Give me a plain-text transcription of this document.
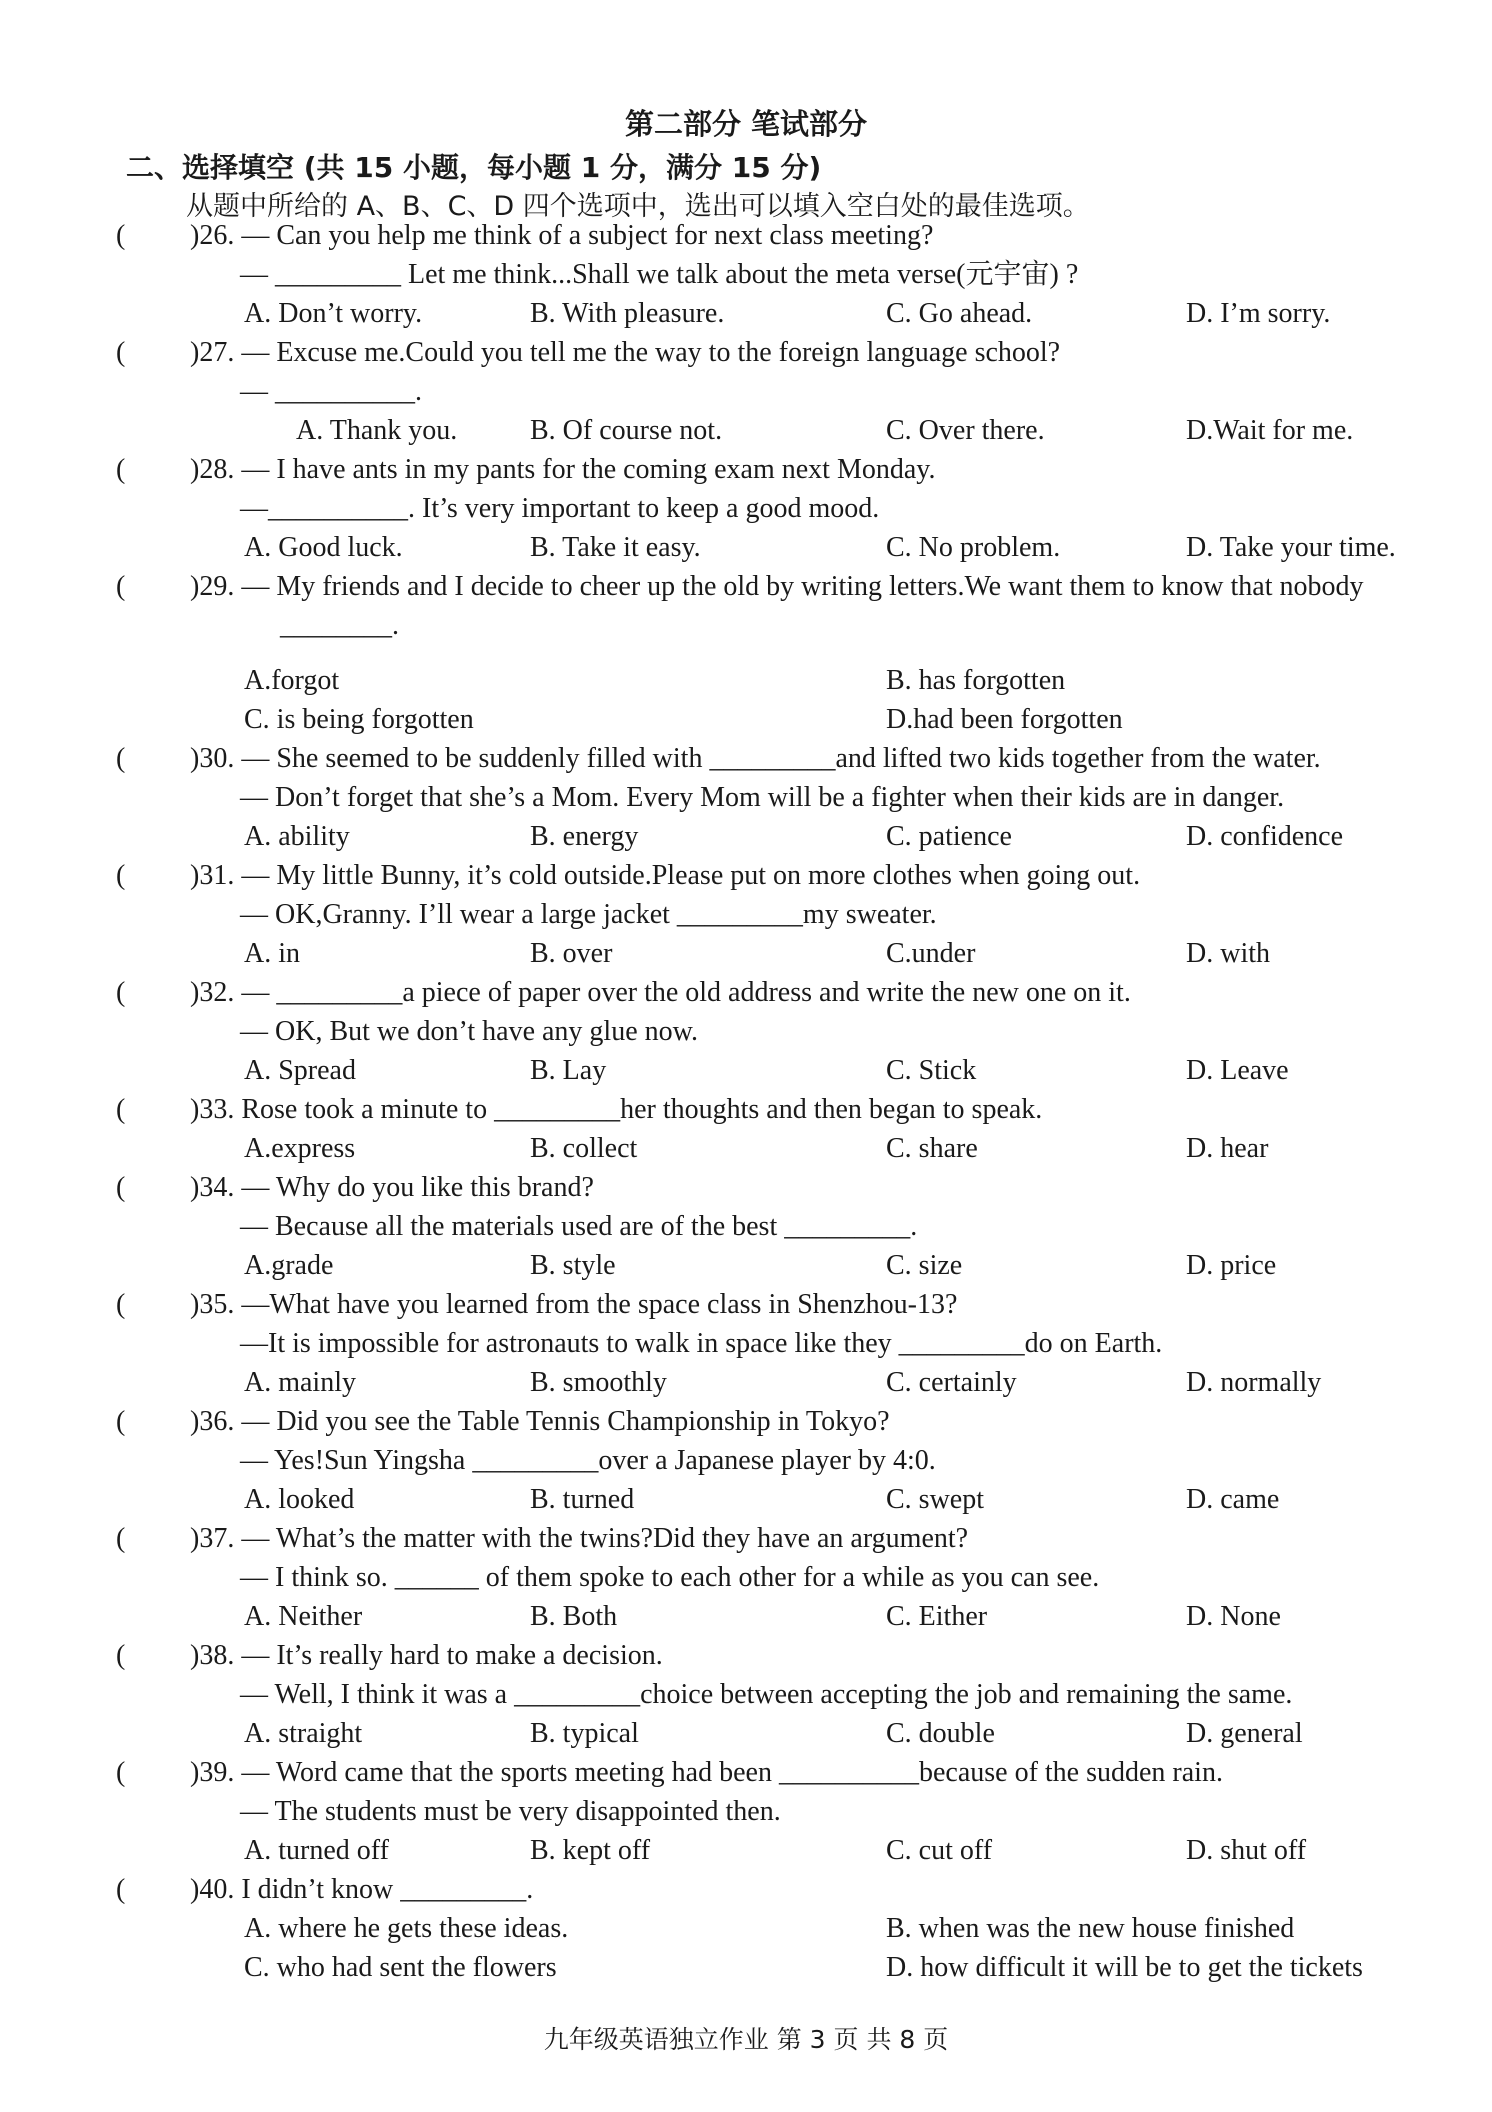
第二部分 笔试部分
二、选择填空 (共 15 小题，每小题 1 分，满分 15 分)
从题中所给的 A、B、C、D 四个选项中，选出可以填入空白处的最佳选项。
( )26. — Can you help me think of a subject for next class meeting?
— _________ Let me think...Shall we talk about the meta verse(元宇宙) ?
A. Don’t worry.	B. With pleasure.	C. Go ahead.	D. I’m sorry.
( )27. — Excuse me.Could you tell me the way to the foreign language school?
— __________.
A. Thank you.	B. Of course not.	C. Over there.	D.Wait for me.
( )28. — I have ants in my pants for the coming exam next Monday.
—__________. It’s very important to keep a good mood.
A. Good luck.	B. Take it easy.	C. No problem.	D. Take your time.
( )29. — My friends and I decide to cheer up the old by writing letters.We want them to know that nobody
________.
A.forgot	B. has forgotten
C. is being forgotten	D.had been forgotten
( )30. — She seemed to be suddenly filled with _________and lifted two kids together from the water.
— Don’t forget that she’s a Mom. Every Mom will be a fighter when their kids are in danger.
A. ability	B. energy	C. patience	D. confidence
( )31. — My little Bunny, it’s cold outside.Please put on more clothes when going out.
— OK,Granny. I’ll wear a large jacket _________my sweater.
A. in	B. over	C.under	D. with
( )32. — _________a piece of paper over the old address and write the new one on it.
— OK, But we don’t have any glue now.
A. Spread	B. Lay	C. Stick	D. Leave
( )33. Rose took a minute to _________her thoughts and then began to speak.
A.express	B. collect	C. share	D. hear
( )34. — Why do you like this brand?
— Because all the materials used are of the best _________.
A.grade	B. style	C. size	D. price
( )35. —What have you learned from the space class in Shenzhou-13?
—It is impossible for astronauts to walk in space like they _________do on Earth.
A. mainly	B. smoothly	C. certainly	D. normally
( )36. — Did you see the Table Tennis Championship in Tokyo?
— Yes!Sun Yingsha _________over a Japanese player by 4:0.
A. looked	B. turned	C. swept	D. came
( )37. — What’s the matter with the twins?Did they have an argument?
— I think so. ______ of them spoke to each other for a while as you can see.
A. Neither	B. Both	C. Either	D. None
( )38. — It’s really hard to make a decision.
— Well, I think it was a _________choice between accepting the job and remaining the same.
A. straight	B. typical	C. double	D. general
( )39. — Word came that the sports meeting had been __________because of the sudden rain.
— The students must be very disappointed then.
A. turned off	B. kept off	C. cut off	D. shut off
( )40. I didn’t know _________.
A. where he gets these ideas.	B. when was the new house finished
C. who had sent the flowers	D. how difficult it will be to get the tickets
九年级英语独立作业 第 3 页 共 8 页
